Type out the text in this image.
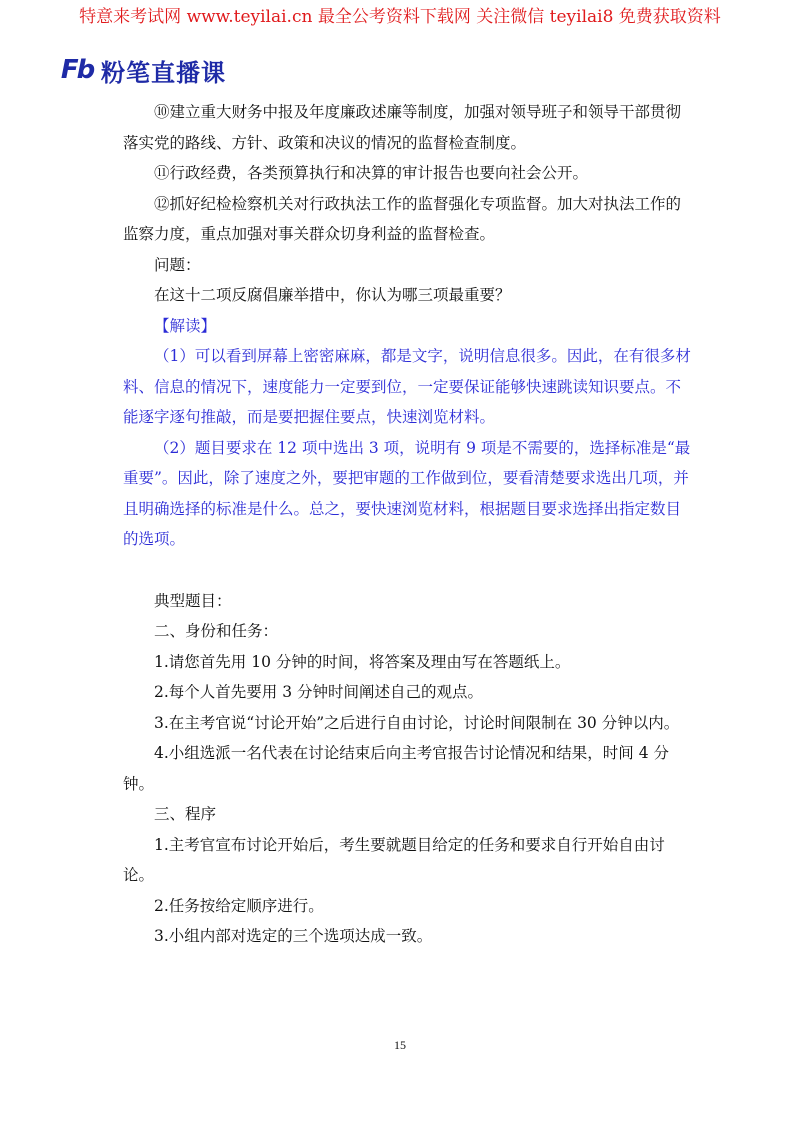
特意来考试网 www.teyilai.cn 最全公考资料下载网 关注微信 teyilai8 免费获取资料
Fb 粉笔直播课

⑩建立重大财务中报及年度廉政述廉等制度，加强对领导班子和领导干部贯彻落实党的路线、方针、政策和决议的情况的监督检查制度。

⑪行政经费，各类预算执行和决算的审计报告也要向社会公开。

⑫抓好纪检检察机关对行政执法工作的监督强化专项监督。加大对执法工作的监察力度，重点加强对事关群众切身利益的监督检查。

问题：

在这十二项反腐倡廉举措中，你认为哪三项最重要？

【解读】

（1）可以看到屏幕上密密麻麻，都是文字，说明信息很多。因此，在有很多材料、信息的情况下，速度能力一定要到位，一定要保证能够快速跳读知识要点。不能逐字逐句推敲，而是要把握住要点，快速浏览材料。

（2）题目要求在 12 项中选出 3 项，说明有 9 项是不需要的，选择标准是“最重要”。因此，除了速度之外，要把审题的工作做到位，要看清楚要求选出几项，并且明确选择的标准是什么。总之，要快速浏览材料，根据题目要求选择出指定数目的选项。

典型题目：

二、身份和任务：

1.请您首先用 10 分钟的时间，将答案及理由写在答题纸上。

2.每个人首先要用 3 分钟时间阐述自己的观点。

3.在主考官说“讨论开始”之后进行自由讨论，讨论时间限制在 30 分钟以内。

4.小组选派一名代表在讨论结束后向主考官报告讨论情况和结果，时间 4 分钟。

三、程序

1.主考官宣布讨论开始后，考生要就题目给定的任务和要求自行开始自由讨论。

2.任务按给定顺序进行。

3.小组内部对选定的三个选项达成一致。

15
